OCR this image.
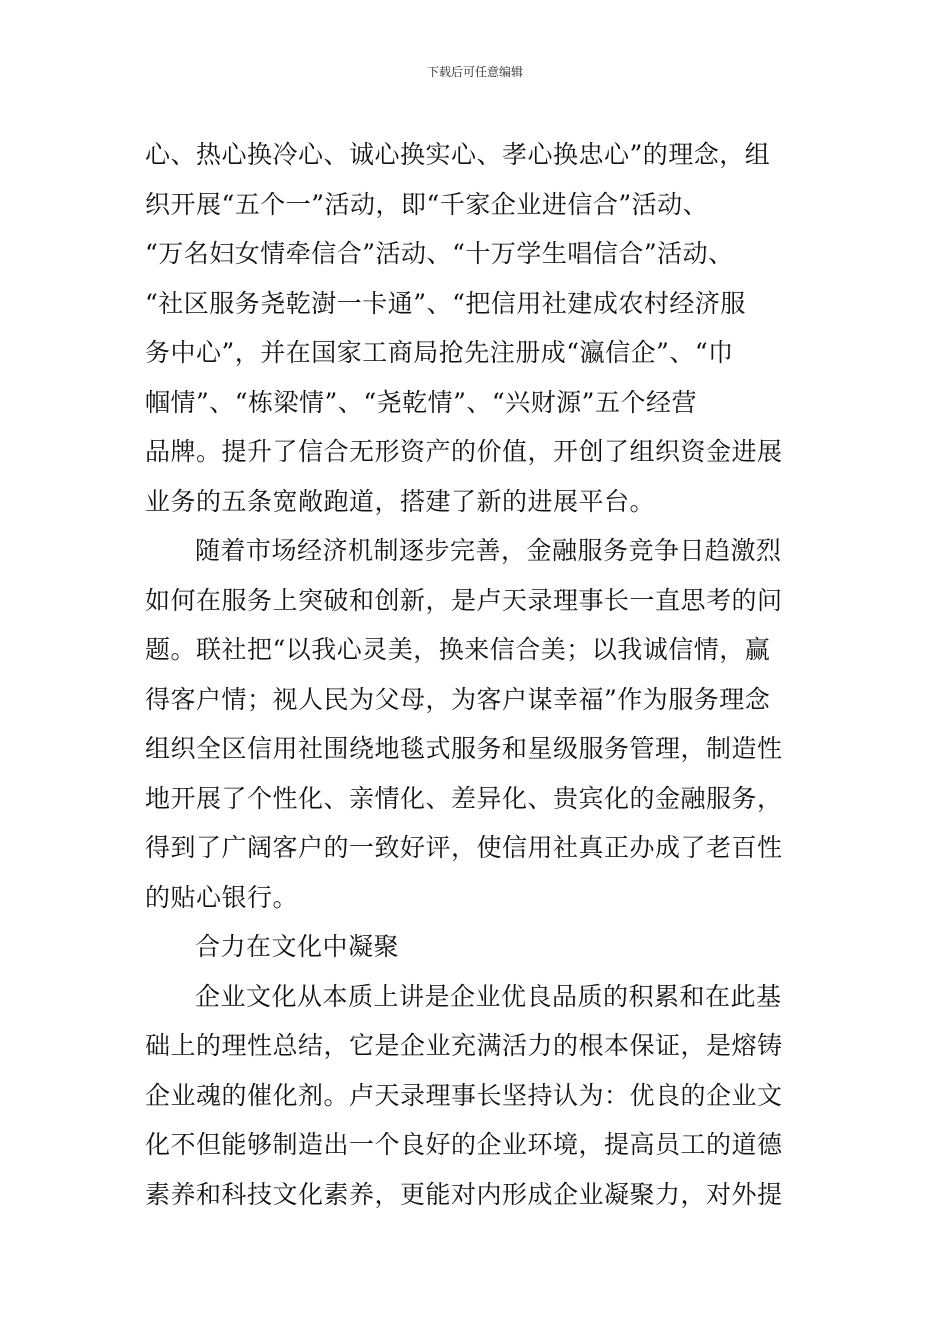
下载后可任意编辑
心、热心换冷心、诚心换实心、孝心换忠心”的理念，组
织开展“五个一”活动，即“千家企业进信合”活动、
“万名妇女情牵信合”活动、“十万学生唱信合”活动、
“社区服务尧乾澍一卡通”、“把信用社建成农村经济服
务中心”，并在国家工商局抢先注册成“瀛信企”、“巾
帼情”、“栋梁情”、“尧乾情”、“兴财源”五个经营
品牌。提升了信合无形资产的价值，开创了组织资金进展
业务的五条宽敞跑道，搭建了新的进展平台。
随着市场经济机制逐步完善，金融服务竞争日趋激烈
如何在服务上突破和创新，是卢天录理事长一直思考的问
题。联社把“以我心灵美，换来信合美；以我诚信情，赢
得客户情；视人民为父母，为客户谋幸福”作为服务理念
组织全区信用社围绕地毯式服务和星级服务管理，制造性
地开展了个性化、亲情化、差异化、贵宾化的金融服务，
得到了广阔客户的一致好评，使信用社真正办成了老百性
的贴心银行。
合力在文化中凝聚
企业文化从本质上讲是企业优良品质的积累和在此基
础上的理性总结，它是企业充满活力的根本保证，是熔铸
企业魂的催化剂。卢天录理事长坚持认为：优良的企业文
化不但能够制造出一个良好的企业环境，提高员工的道德
素养和科技文化素养，更能对内形成企业凝聚力，对外提
